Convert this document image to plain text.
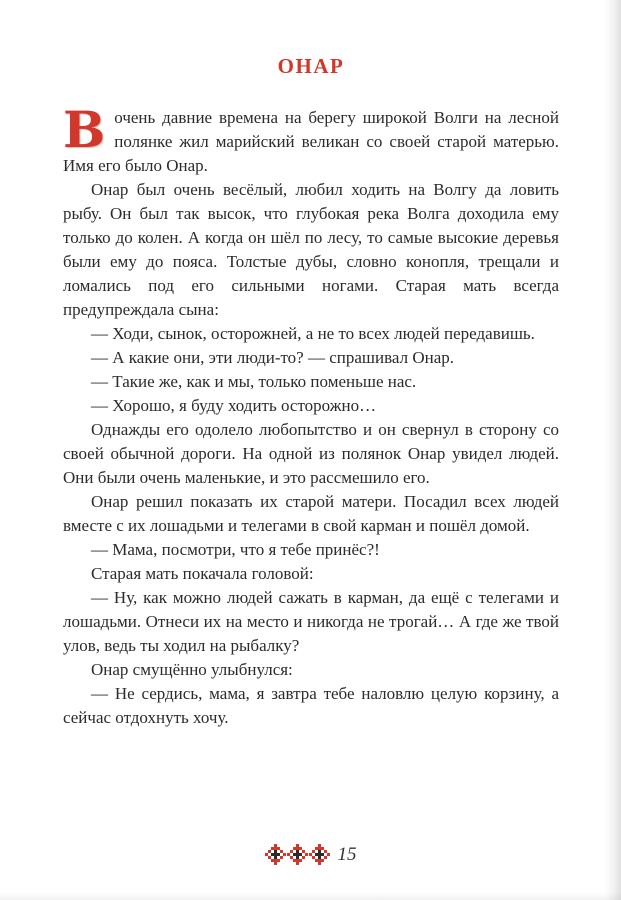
ОНАР

В очень давние времена на берегу широкой Волги на лесной полянке жил марийский великан со своей старой матерью. Имя его было Онар.

Онар был очень весёлый, любил ходить на Волгу да ловить рыбу. Он был так высок, что глубокая река Волга доходила ему только до колен. А когда он шёл по лесу, то самые высокие деревья были ему до пояса. Толстые дубы, словно конопля, трещали и ломались под его сильными ногами. Старая мать всегда предупреждала сына:

— Ходи, сынок, осторожней, а не то всех людей передавишь.

— А какие они, эти люди-то? — спрашивал Онар.

— Такие же, как и мы, только поменьше нас.

— Хорошо, я буду ходить осторожно…

Однажды его одолело любопытство и он свернул в сторону со своей обычной дороги. На одной из полянок Онар увидел людей. Они были очень маленькие, и это рассмешило его.

Онар решил показать их старой матери. Посадил всех людей вместе с их лошадьми и телегами в свой карман и пошёл домой.

— Мама, посмотри, что я тебе принёс?!

Старая мать покачала головой:

— Ну, как можно людей сажать в карман, да ещё с телегами и лошадьми. Отнеси их на место и никогда не трогай… А где же твой улов, ведь ты ходил на рыбалку?

Онар смущённо улыбнулся:

— Не сердись, мама, я завтра тебе наловлю целую корзину, а сейчас отдохнуть хочу.

15
